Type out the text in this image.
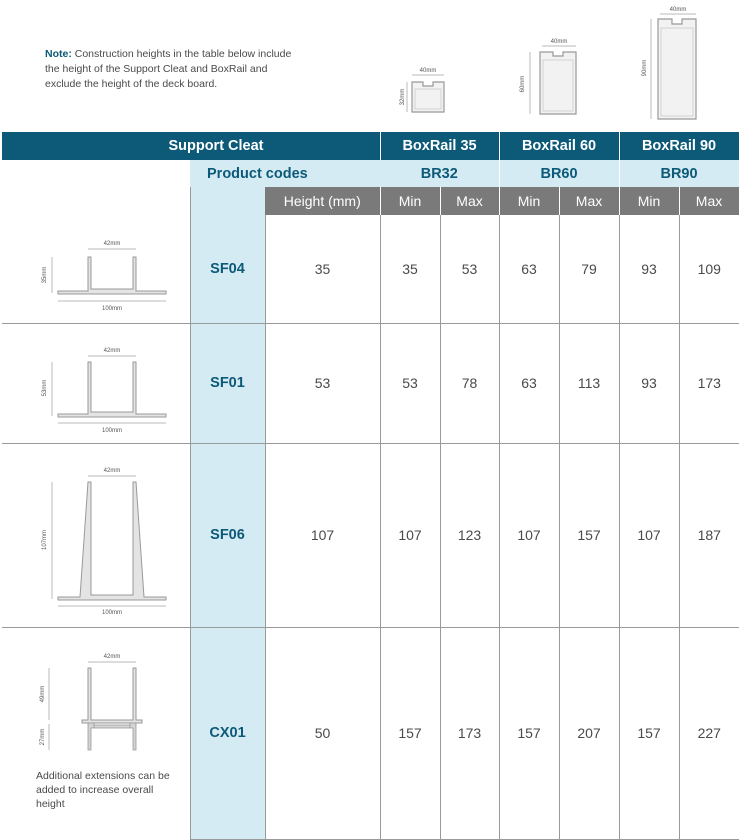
Note: Construction heights in the table below include the height of the Support Cleat and BoxRail and exclude the height of the deck board.
40mm
32mm
40mm
60mm
40mm
90mm
Support Cleat			BoxRail 35		BoxRail 60		BoxRail 90	
	Product codes		BR32		BR60		BR90	
		Height (mm)	Min	Max	Min	Max	Min	Max

42mm
35mm
100mm	SF04	35	35	53	63	79	93	109

42mm
53mm
100mm	SF01	53	53	78	63	113	93	173

42mm
107mm
100mm	SF06	107	107	123	107	157	107	187

42mm
49mm
27mm
Additional extensions can be added to increase overall height	CX01	50	157	173	157	207	157	227
